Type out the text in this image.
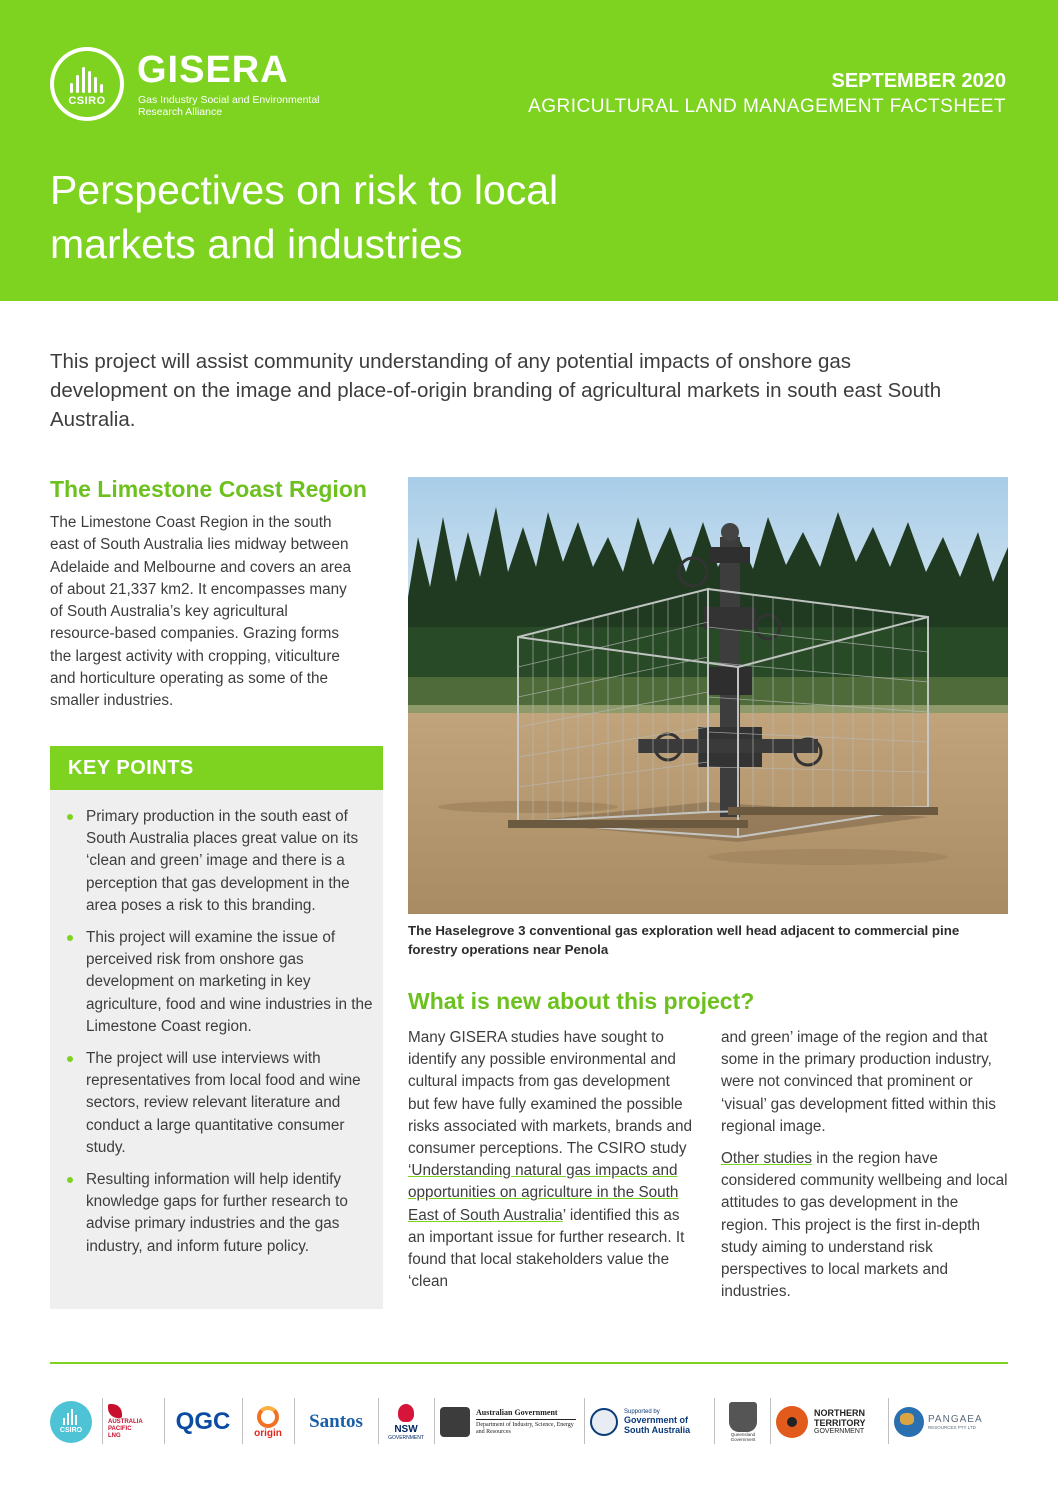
CSIRO
GISERA
Gas Industry Social and Environmental Research Alliance
SEPTEMBER 2020
AGRICULTURAL LAND MANAGEMENT FACTSHEET
Perspectives on risk to local
markets and industries

This project will assist community understanding of any potential impacts of onshore gas development on the image and place-of-origin branding of agricultural markets in south east South Australia.

The Limestone Coast Region

The Limestone Coast Region in the south east of South Australia lies midway between Adelaide and Melbourne and covers an area of about 21,337 km2. It encompasses many of South Australia’s key agricultural resource-based companies. Grazing forms the largest activity with cropping, viticulture and horticulture operating as some of the smaller industries.

KEY POINTS
Primary production in the south east of South Australia places great value on its ‘clean and green’ image and there is a perception that gas development in the area poses a risk to this branding.
This project will examine the issue of perceived risk from onshore gas development on marketing in key agriculture, food and wine industries in the Limestone Coast region.
The project will use interviews with representatives from local food and wine sectors, review relevant literature and conduct a large quantitative consumer study.
Resulting information will help identify knowledge gaps for further research to advise primary industries and the gas industry, and inform future policy.

The Haselegrove 3 conventional gas exploration well head adjacent to commercial pine forestry operations near Penola

What is new about this project?

Many GISERA studies have sought to identify any possible environmental and cultural impacts from gas development but few have fully examined the possible risks associated with markets, brands and consumer perceptions. The CSIRO study ‘Understanding natural gas impacts and opportunities on agriculture in the South East of South Australia’ identified this as an important issue for further research. It found that local stakeholders value the ‘clean

and green’ image of the region and that some in the primary production industry, were not convinced that prominent or ‘visual’ gas development fitted within this regional image.

Other studies in the region have considered community wellbeing and local attitudes to gas development in the region. This project is the first in-depth study aiming to understand risk perspectives to local markets and industries.

CSIRO
AUSTRALIA
PACIFIC
LNG
QGC origin
Santos	NSW
GOVERNMENT
Australian Government
Department of Industry, Science, Energy and Resources
Supported by
Government of South Australia	Queensland Government
NORTHERN
TERRITORY
GOVERNMENT
PANGAEA
RESOURCES PTY LTD
